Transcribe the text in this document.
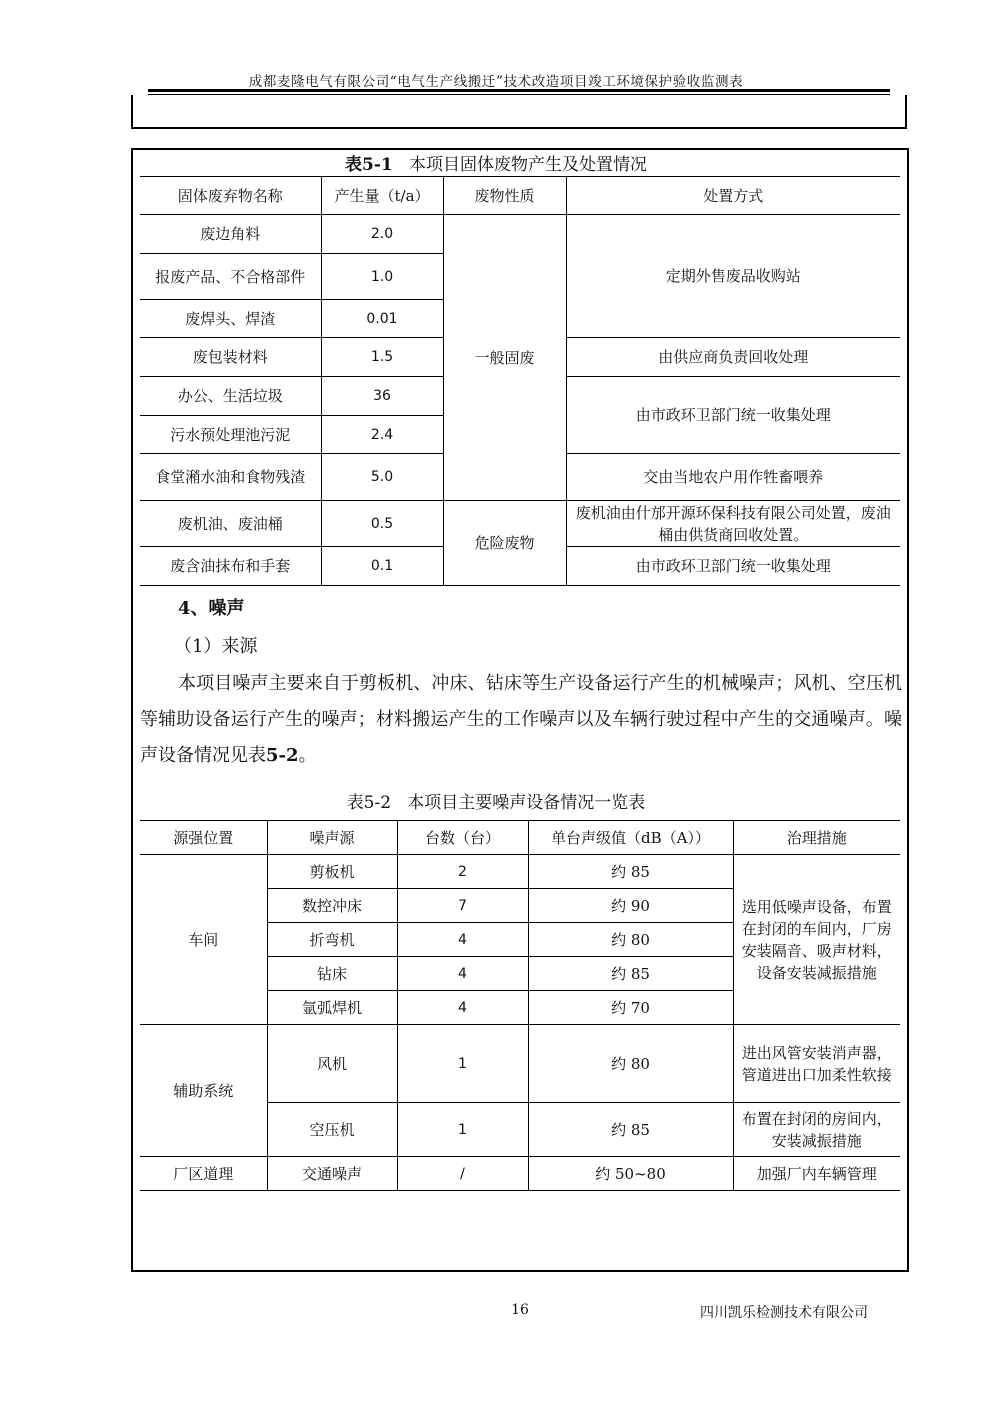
成都麦隆电气有限公司“电气生产线搬迁”技术改造项目竣工环境保护验收监测表
表5-1 本项目固体废物产生及处置情况
固体废弃物名称	产生量（t/a）	废物性质	处置方式
废边角料	2.0	一般固废	定期外售废品收购站
报废产品、不合格部件	1.0		
废焊头、焊渣	0.01		
废包装材料	1.5		由供应商负责回收处理
办公、生活垃圾	36		由市政环卫部门统一收集处理
污水预处理池污泥	2.4		
食堂潲水油和食物残渣	5.0		交由当地农户用作牲畜喂养
废机油、废油桶	0.5	危险废物	废机油由什邡开源环保科技有限公司处置，废油桶由供货商回收处置。
废含油抹布和手套	0.1		由市政环卫部门统一收集处理
4、噪声
（1）来源
本项目噪声主要来自于剪板机、冲床、钻床等生产设备运行产生的机械噪声；风机、空压机等辅助设备运行产生的噪声；材料搬运产生的工作噪声以及车辆行驶过程中产生的交通噪声。噪声设备情况见表5-2。
表5-2 本项目主要噪声设备情况一览表
源强位置	噪声源	台数（台）	单台声级值（dB（A））	治理措施
车间	剪板机	2	约 85	选用低噪声设备，布置在封闭的车间内，厂房安装隔音、吸声材料，设备安装减振措施
	数控冲床	7	约 90	
	折弯机	4	约 80	
	钻床	4	约 85	
	氩弧焊机	4	约 70	
辅助系统	风机	1	约 80	进出风管安装消声器，管道进出口加柔性软接
	空压机	1	约 85	布置在封闭的房间内，安装减振措施
厂区道理	交通噪声	/	约 50~80	加强厂内车辆管理
16	四川凯乐检测技术有限公司
